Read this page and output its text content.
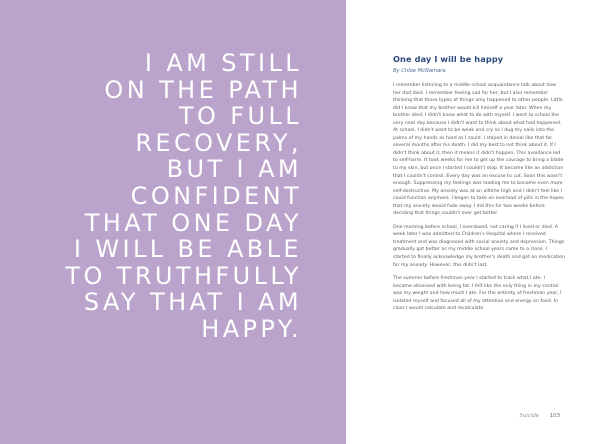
I AM STILL
ON THE PATH
TO FULL
RECOVERY,
BUT I AM
CONFIDENT
THAT ONE DAY
I WILL BE ABLE
TO TRUTHFULLY
SAY THAT I AM
HAPPY.
One day I will be happy

By Chloe McNamara

I remember listening to a middle school acquaintance talk about how her dad died. I remember feeling sad for her, but I also remember thinking that those types of things only happened to other people. Little did I know that my brother would kill himself a year later. When my brother died, I didn't know what to do with myself. I went to school the very next day because I didn't want to think about what had happened. At school, I didn't want to be weak and cry so I dug my nails into the palms of my hands as hard as I could. I stayed in denial like that for several months after his death. I did my best to not think about it. If I didn't think about it, then it means it didn't happen. This avoidance led to self-harm. It took weeks for me to get up the courage to bring a blade to my skin, but once I started I couldn't stop. It became like an addiction that I couldn't control. Every day was an excuse to cut. Soon this wasn't enough. Suppressing my feelings was leading me to become even more self-destructive. My anxiety was at an alltime high and I didn't feel like I could function anymore. I began to take an overload of pills in the hopes that my anxiety would fade away. I did this for two weeks before deciding that things couldn't ever get better.

One morning before school, I overdosed, not caring if I lived or died. A week later I was admitted to Children's Hospital where I received treatment and was diagnosed with social anxiety and depression. Things gradually got better as my middle school years came to a close. I started to finally acknowledge my brother's death and got on medication for my anxiety. However, this didn't last.

The summer before freshman year I started to track what I ate. I became obsessed with being fat. I felt like the only thing in my control was my weight and how much I ate. For the entirety of freshman year, I isolated myself and focused all of my attention and energy on food. In class I would calculate and recalculate

Suicide 103
